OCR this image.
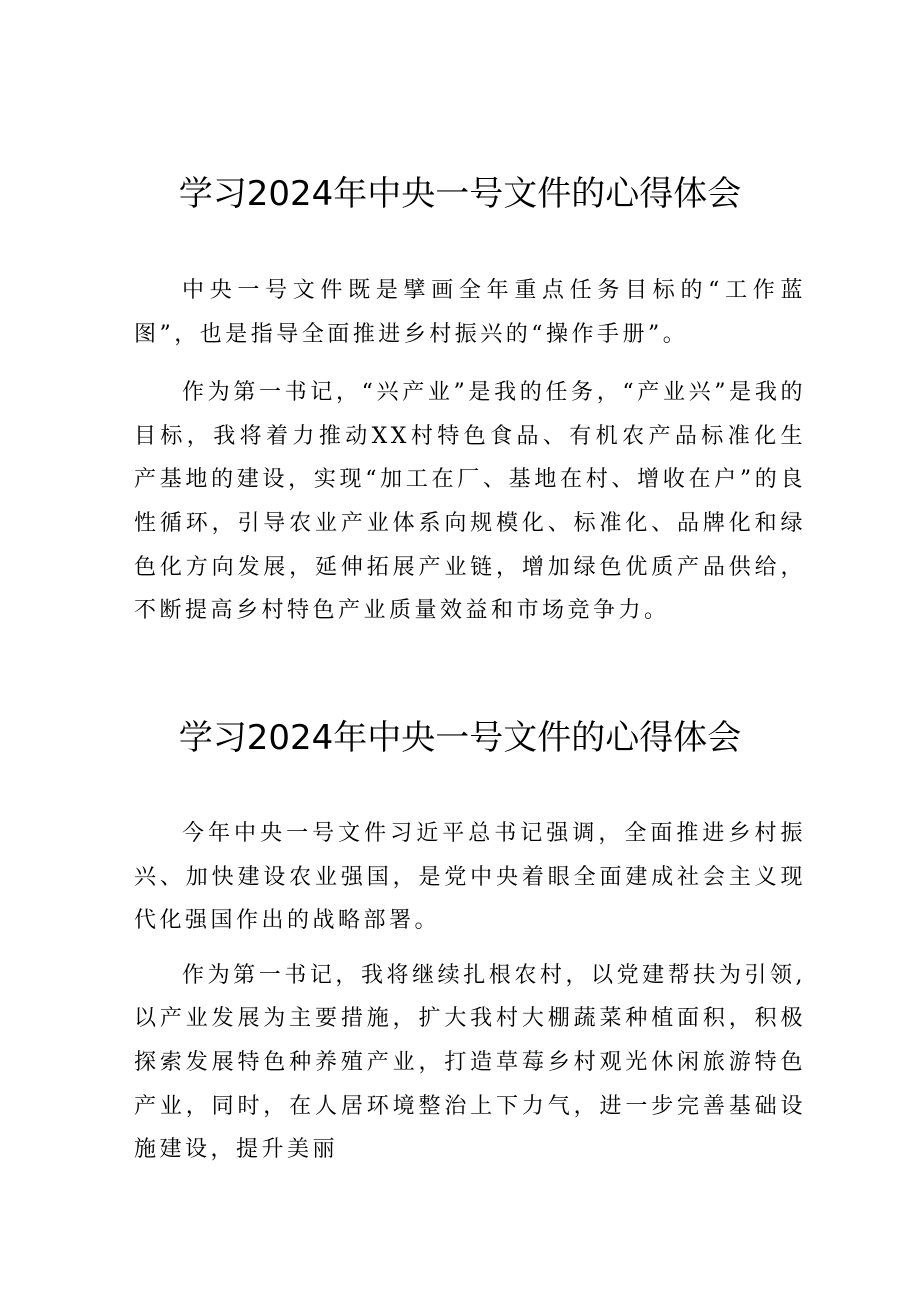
学习2024年中央一号文件的心得体会

中央一号文件既是擘画全年重点任务目标的“工作蓝图”，也是指导全面推进乡村振兴的“操作手册”。

作为第一书记，“兴产业”是我的任务，“产业兴”是我的目标，我将着力推动XX村特色食品、有机农产品标准化生产基地的建设，实现“加工在厂、基地在村、增收在户”的良性循环，引导农业产业体系向规模化、标准化、品牌化和绿色化方向发展，延伸拓展产业链，增加绿色优质产品供给，不断提高乡村特色产业质量效益和市场竞争力。

学习2024年中央一号文件的心得体会

今年中央一号文件习近平总书记强调，全面推进乡村振兴、加快建设农业强国，是党中央着眼全面建成社会主义现代化强国作出的战略部署。

作为第一书记，我将继续扎根农村，以党建帮扶为引领,以产业发展为主要措施，扩大我村大棚蔬菜种植面积，积极探索发展特色种养殖产业，打造草莓乡村观光休闲旅游特色产业，同时，在人居环境整治上下力气，进一步完善基础设施建设，提升美丽
